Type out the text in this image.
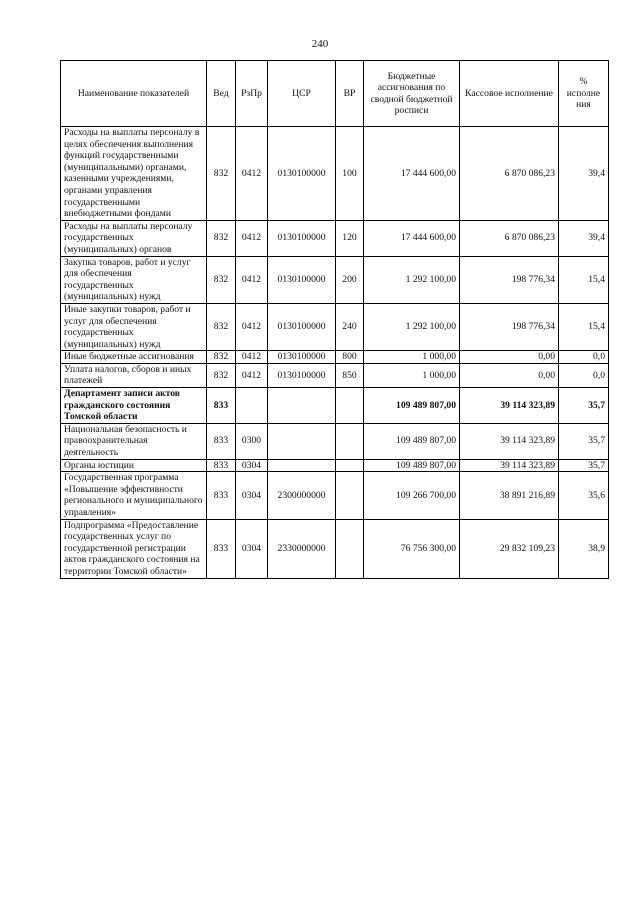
240
Наименование показателей	Вед	РзПр	ЦСР	ВР	Бюджетные ассигнования по сводной бюджетной росписи	Кассовое исполнение	% исполне ния
Расходы на выплаты персоналу в целях обеспечения выполнения функций государственными (муниципальными) органами, казенными учреждениями, органами управления государственными внебюджетными фондами	832	0412	0130100000	100	17 444 600,00	6 870 086,23	39,4
Расходы на выплаты персоналу государственных (муниципальных) органов	832	0412	0130100000	120	17 444 600,00	6 870 086,23	39,4
Закупка товаров, работ и услуг для обеспечения государственных (муниципальных) нужд	832	0412	0130100000	200	1 292 100,00	198 776,34	15,4
Иные закупки товаров, работ и услуг для обеспечения государственных (муниципальных) нужд	832	0412	0130100000	240	1 292 100,00	198 776,34	15,4
Иные бюджетные ассигнования	832	0412	0130100000	800	1 000,00	0,00	0,0
Уплата налогов, сборов и иных платежей	832	0412	0130100000	850	1 000,00	0,00	0,0
Департамент записи актов гражданского состояния Томской области	833				109 489 807,00	39 114 323,89	35,7
Национальная безопасность и правоохранительная деятельность	833	0300			109 489 807,00	39 114 323,89	35,7
Органы юстиции	833	0304			109 489 807,00	39 114 323,89	35,7
Государственная программа «Повышение эффективности регионального и муниципального управления»	833	0304	2300000000		109 266 700,00	38 891 216,89	35,6
Подпрограмма «Предоставление государственных услуг по государственной регистрации актов гражданского состояния на территории Томской области»	833	0304	2330000000		76 756 300,00	29 832 109,23	38,9
